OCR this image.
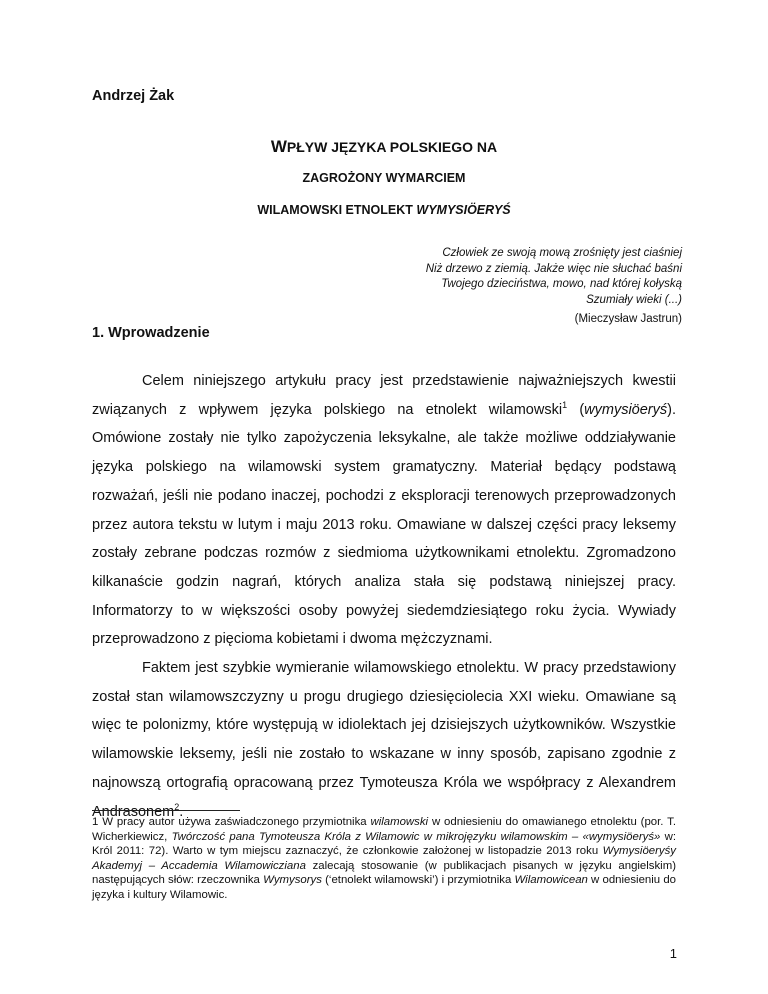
Andrzej Żak
WPŁYW JĘZYKA POLSKIEGO NA
ZAGROŻONY WYMARCIEM
WILAMOWSKI ETNOLEKT WYMYSIÖERYŚ
Człowiek ze swoją mową zrośnięty jest ciaśniej
Niż drzewo z ziemią. Jakże więc nie słuchać baśni
Twojego dzieciństwa, mowo, nad której kołyską
Szumiały wieki (...)
(Mieczysław Jastrun)
1. Wprowadzenie

Celem niniejszego artykułu pracy jest przedstawienie najważniejszych kwestii związanych z wpływem języka polskiego na etnolekt wilamowski$^1$ (wymysiöeryś). Omówione zostały nie tylko zapożyczenia leksykalne, ale także możliwe oddziaływanie języka polskiego na wilamowski system gramatyczny. Materiał będący podstawą rozważań, jeśli nie podano inaczej, pochodzi z eksploracji terenowych przeprowadzonych przez autora tekstu w lutym i maju 2013 roku. Omawiane w dalszej części pracy leksemy zostały zebrane podczas rozmów z siedmioma użytkownikami etnolektu. Zgromadzono kilkanaście godzin nagrań, których analiza stała się podstawą niniejszej pracy. Informatorzy to w większości osoby powyżej siedemdziesiątego roku życia. Wywiady przeprowadzono z pięcioma kobietami i dwoma mężczyznami.

Faktem jest szybkie wymieranie wilamowskiego etnolektu. W pracy przedstawiony został stan wilamowszczyzny u progu drugiego dziesięciolecia XXI wieku. Omawiane są więc te polonizmy, które występują w idiolektach jej dzisiejszych użytkowników. Wszystkie wilamowskie leksemy, jeśli nie zostało to wskazane w inny sposób, zapisano zgodnie z najnowszą ortografią opracowaną przez Tymoteusza Króla we współpracy z Alexandrem Andrasonem$^2$.

1 W pracy autor używa zaświadczonego przymiotnika wilamowski w odniesieniu do omawianego etnolektu (por. T. Wicherkiewicz, Twórczość pana Tymoteusza Króla z Wilamowic w mikrojęzyku wilamowskim – «wymysiöeryś» w: Król 2011: 72). Warto w tym miejscu zaznaczyć, że członkowie założonej w listopadzie 2013 roku Wymysiöeryśy Akademyj – Accademia Wilamowicziana zalecają stosowanie (w publikacjach pisanych w języku angielskim) następujących słów: rzeczownika Wymysorys (‘etnolekt wilamowski’) i przymiotnika Wilamowicean w odniesieniu do języka i kultury Wilamowic.
1
